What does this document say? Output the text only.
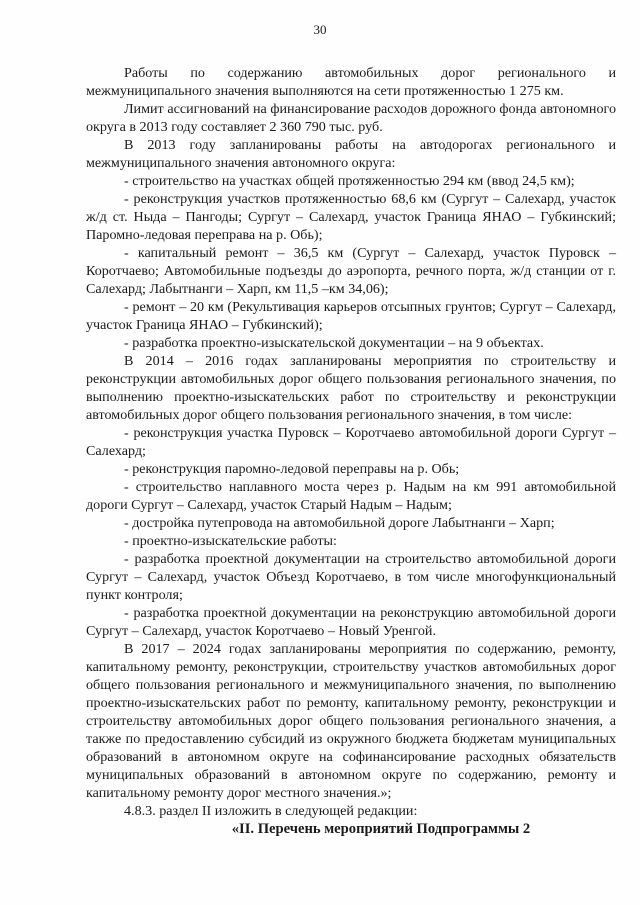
30

Работы по содержанию автомобильных дорог регионального и межмуниципального значения выполняются на сети протяженностью 1 275 км.

Лимит ассигнований на финансирование расходов дорожного фонда автономного округа в 2013 году составляет 2 360 790 тыс. руб.

В 2013 году запланированы работы на автодорогах регионального и межмуниципального значения автономного округа:

- строительство на участках общей протяженностью 294 км (ввод 24,5 км);

- реконструкция участков протяженностью 68,6 км (Сургут – Салехард, участок ж/д ст. Ныда – Пангоды; Сургут – Салехард, участок Граница ЯНАО – Губкинский; Паромно-ледовая переправа на р. Обь);

- капитальный ремонт – 36,5 км (Сургут – Салехард, участок Пуровск – Коротчаево; Автомобильные подъезды до аэропорта, речного порта, ж/д станции от г. Салехард; Лабытнанги – Харп, км 11,5 –км 34,06);

- ремонт – 20 км (Рекультивация карьеров отсыпных грунтов; Сургут – Салехард, участок Граница ЯНАО – Губкинский);

- разработка проектно-изыскательской документации – на 9 объектах.

В 2014 – 2016 годах запланированы мероприятия по строительству и реконструкции автомобильных дорог общего пользования регионального значения, по выполнению проектно-изыскательских работ по строительству и реконструкции автомобильных дорог общего пользования регионального значения, в том числе:

- реконструкция участка Пуровск – Коротчаево автомобильной дороги Сургут – Салехард;

- реконструкция паромно-ледовой переправы на р. Обь;

- строительство наплавного моста через р. Надым на км 991 автомобильной дороги Сургут – Салехард, участок Старый Надым – Надым;

- достройка путепровода на автомобильной дороге Лабытнанги – Харп;

- проектно-изыскательские работы:

- разработка проектной документации на строительство автомобильной дороги Сургут – Салехард, участок Объезд Коротчаево, в том числе многофункциональный пункт контроля;

- разработка проектной документации на реконструкцию автомобильной дороги Сургут – Салехард, участок Коротчаево – Новый Уренгой.

В 2017 – 2024 годах запланированы мероприятия по содержанию, ремонту, капитальному ремонту, реконструкции, строительству участков автомобильных дорог общего пользования регионального и межмуниципального значения, по выполнению проектно-изыскательских работ по ремонту, капитальному ремонту, реконструкции и строительству автомобильных дорог общего пользования регионального значения, а также по предоставлению субсидий из окружного бюджета бюджетам муниципальных образований в автономном округе на софинансирование расходных обязательств муниципальных образований в автономном округе по содержанию, ремонту и капитальному ремонту дорог местного значения.»;

4.8.3. раздел II изложить в следующей редакции:

«II. Перечень мероприятий Подпрограммы 2
